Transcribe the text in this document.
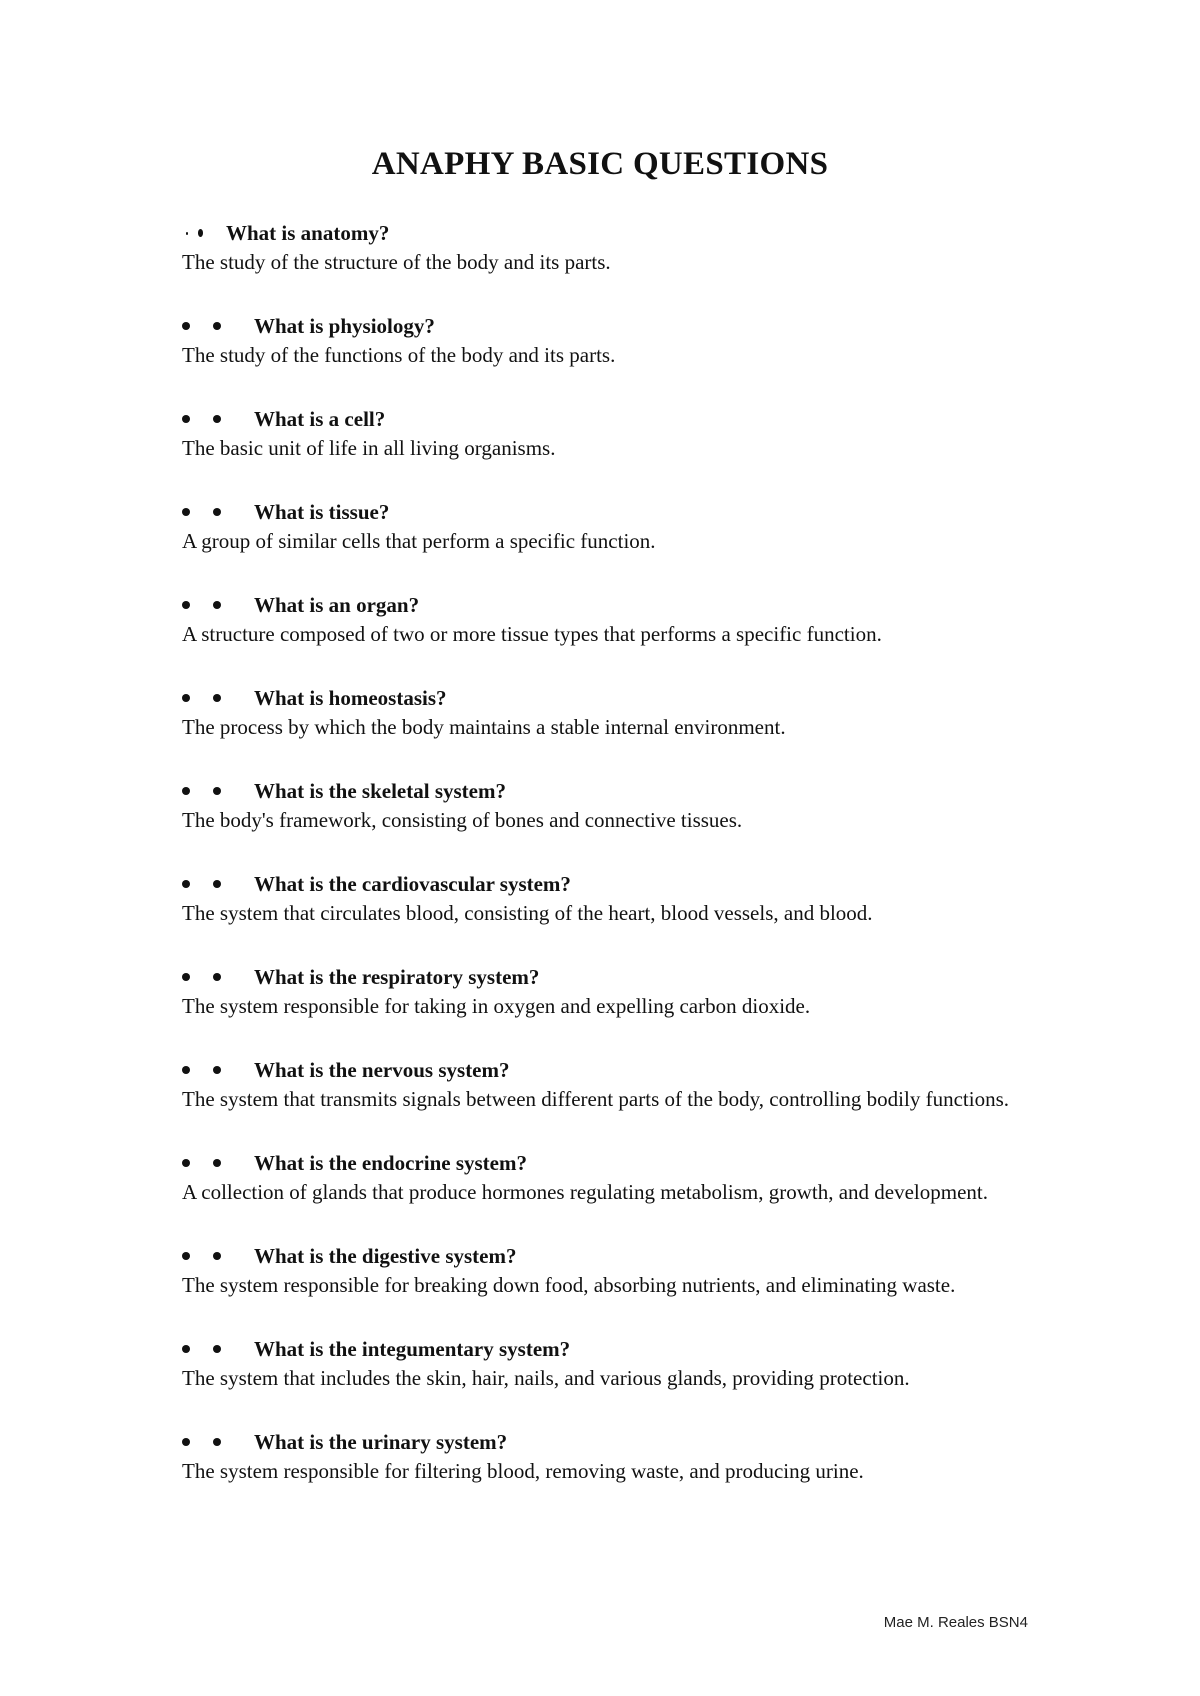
ANAPHY BASIC QUESTIONS
What is anatomy?

The study of the structure of the body and its parts.

What is physiology?

The study of the functions of the body and its parts.

What is a cell?

The basic unit of life in all living organisms.

What is tissue?

A group of similar cells that perform a specific function.

What is an organ?

A structure composed of two or more tissue types that performs a specific function.

What is homeostasis?

The process by which the body maintains a stable internal environment.

What is the skeletal system?

The body's framework, consisting of bones and connective tissues.

What is the cardiovascular system?

The system that circulates blood, consisting of the heart, blood vessels, and blood.

What is the respiratory system?

The system responsible for taking in oxygen and expelling carbon dioxide.

What is the nervous system?

The system that transmits signals between different parts of the body, controlling bodily functions.

What is the endocrine system?

A collection of glands that produce hormones regulating metabolism, growth, and development.

What is the digestive system?

The system responsible for breaking down food, absorbing nutrients, and eliminating waste.

What is the integumentary system?

The system that includes the skin, hair, nails, and various glands, providing protection.

What is the urinary system?

The system responsible for filtering blood, removing waste, and producing urine.

Mae M. Reales BSN4
